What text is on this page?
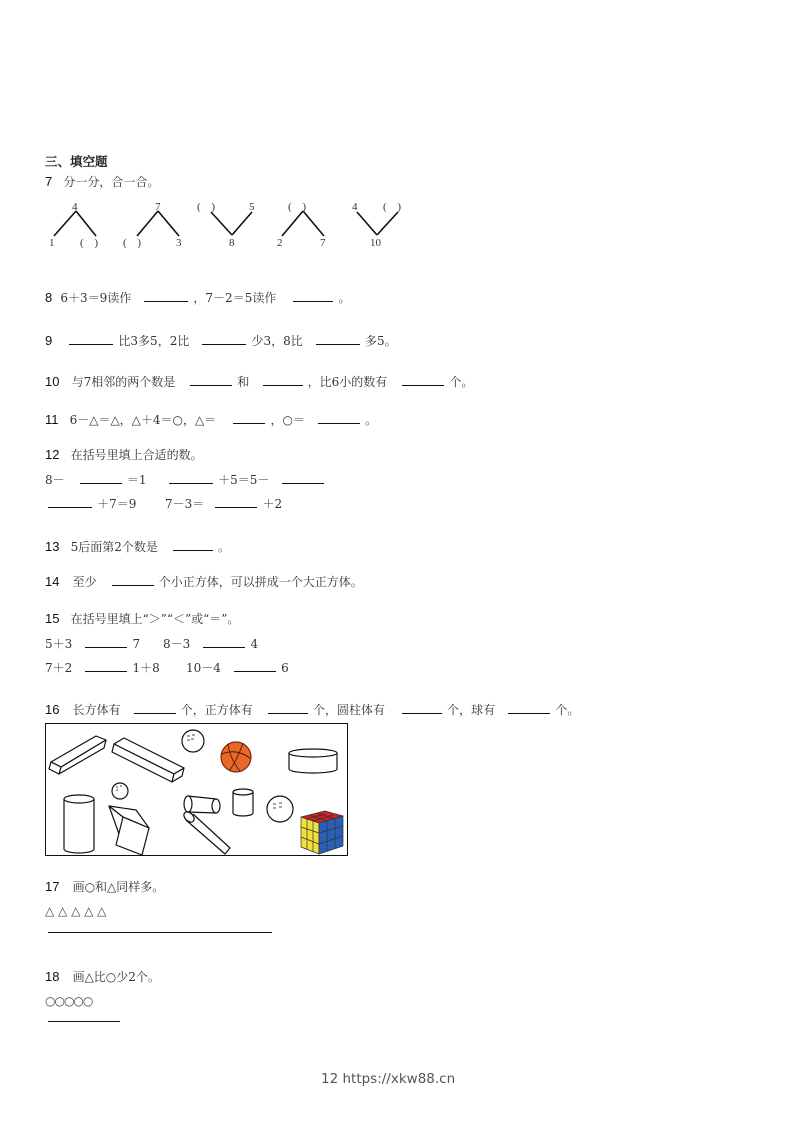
三、填空题
7 分一分，合一合。
4
1 ( )
7
( )	3
( )	5
8
( )
2	7
4 ( )
10
8 6＋3＝9读作	，7－2＝5读作	。
9	比3多5，2比	少3，8比	多5。
10 与7相邻的两个数是	和	，比6小的数有	个。
11 6－△＝△，△＋4＝○，△＝	，○＝	。
12 在括号里填上合适的数。
8－	＝1	＋5＝5－
＋7＝9 7－3＝	＋2
13 5后面第2个数是	。
14 至少	个小正方体，可以拼成一个大正方体。
15 在括号里填上“＞”“＜”或“＝”。
5＋3	7 8－3	4
7＋2	1＋8 10－4	6
16 长方体有	个，正方体有	个，圆柱体有	个，球有	个。
17 画○和△同样多。
△ △ △ △ △
18 画△比○少2个。
○○○○○
12 https://xkw88.cn
